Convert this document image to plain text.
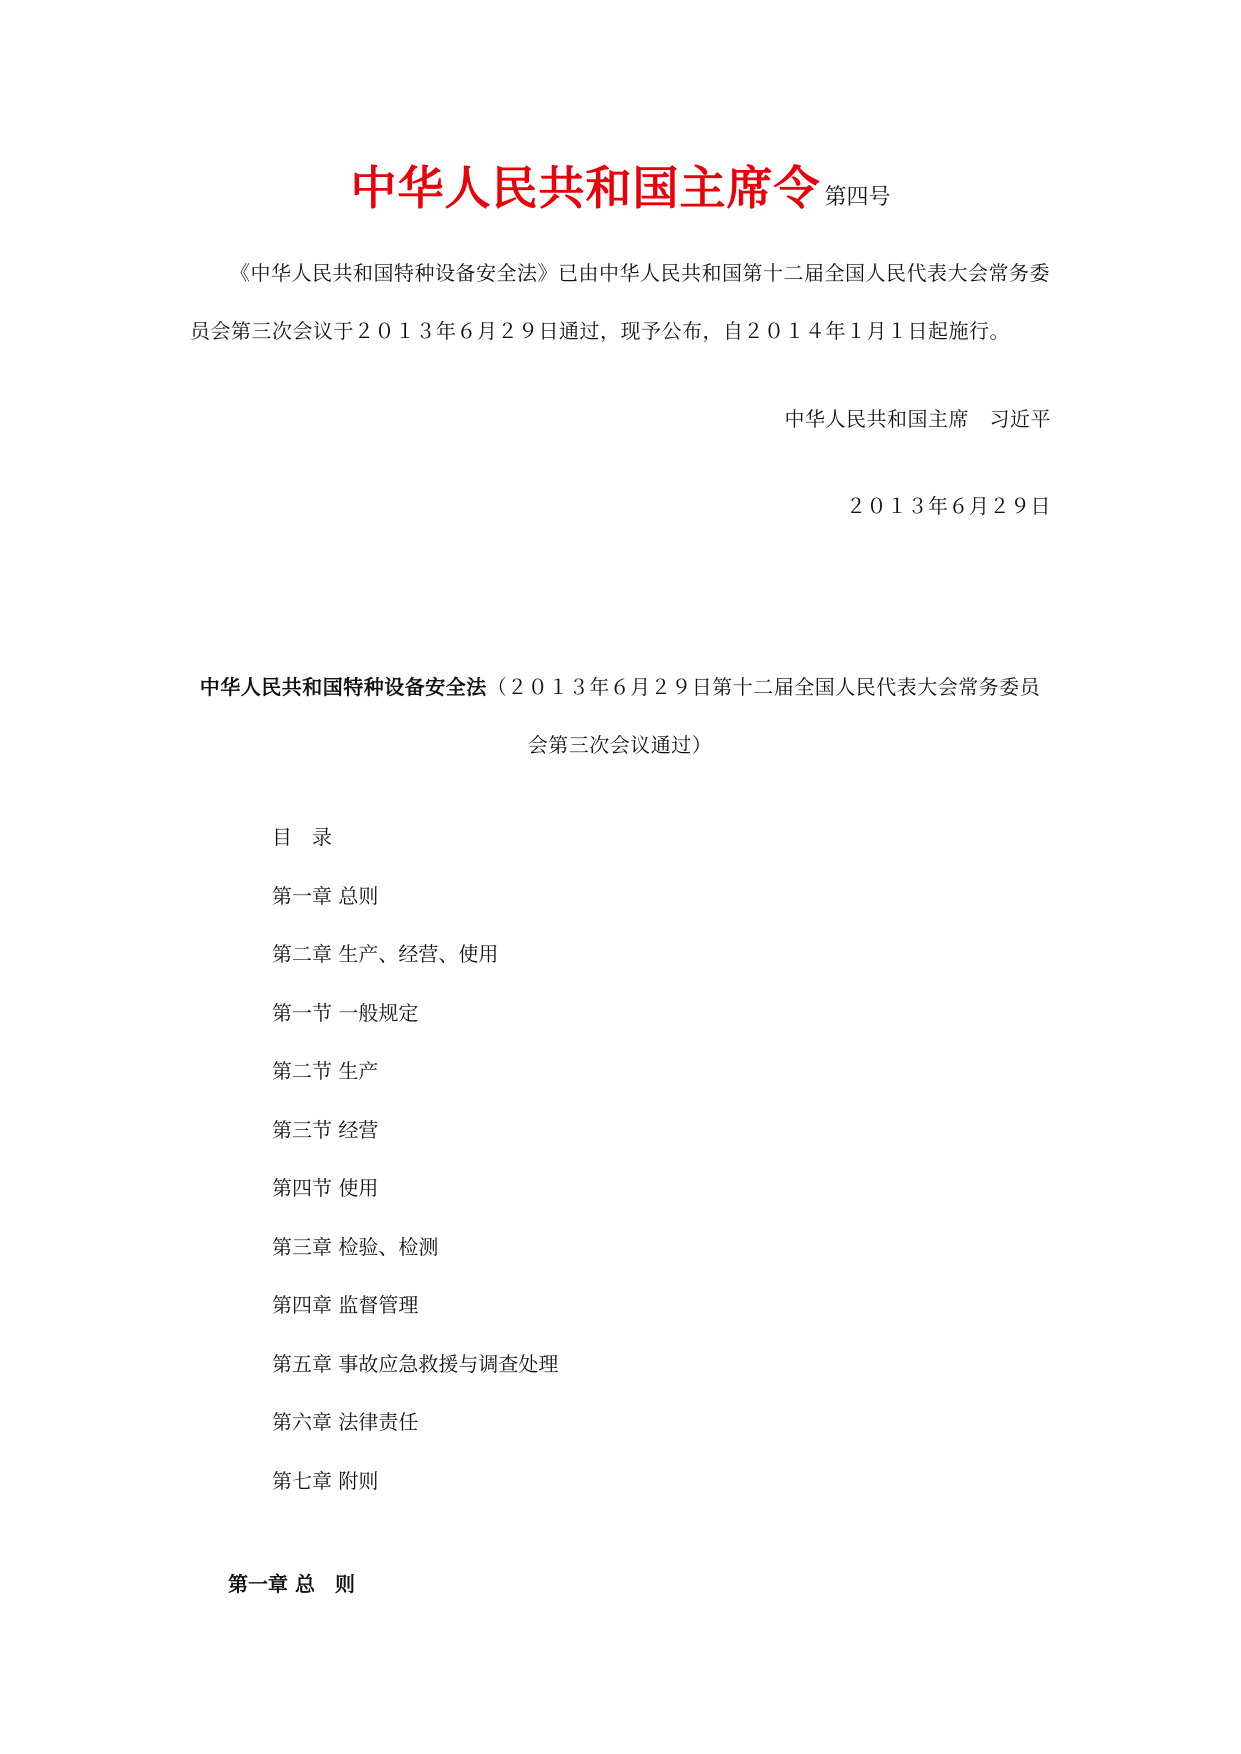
中华人民共和国主席令 第四号
《中华人民共和国特种设备安全法》已由中华人民共和国第十二届全国人民代表大会常务委员会第三次会议于２０１３年６月２９日通过，现予公布，自２０１４年１月１日起施行。
中华人民共和国主席　习近平
２０１３年６月２９日
中华人民共和国特种设备安全法（２０１３年６月２９日第十二届全国人民代表大会常务委员会第三次会议通过）
目　录
第一章 总则
第二章 生产、经营、使用
第一节 一般规定
第二节 生产
第三节 经营
第四节 使用
第三章 检验、检测
第四章 监督管理
第五章 事故应急救援与调查处理
第六章 法律责任
第七章 附则
第一章 总　则
